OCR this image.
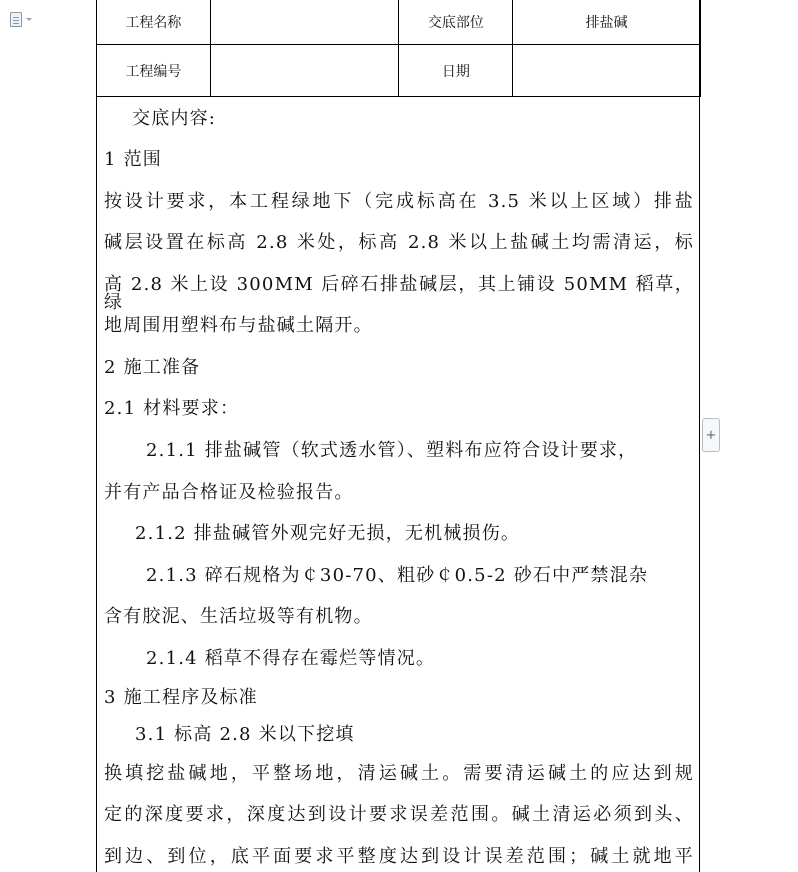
工程名称		交底部位	排盐碱
工程编号		日期	
交底内容:
1 范围
按设计要求，本工程绿地下（完成标高在 3.5 米以上区域）排盐
碱层设置在标高 2.8 米处，标高 2.8 米以上盐碱土均需清运，标
高 2.8 米上设 300MM 后碎石排盐碱层，其上铺设 50MM 稻草，绿
地周围用塑料布与盐碱土隔开。
2 施工准备
2.1 材料要求：
2.1.1 排盐碱管（软式透水管）、塑料布应符合设计要求，
并有产品合格证及检验报告。
2.1.2 排盐碱管外观完好无损，无机械损伤。
2.1.3 碎石规格为￠30-70、粗砂￠0.5-2 砂石中严禁混杂
含有胶泥、生活垃圾等有机物。
2.1.4 稻草不得存在霉烂等情况。
3 施工程序及标准
3.1 标高 2.8 米以下挖填
换填挖盐碱地，平整场地，清运碱土。需要清运碱土的应达到规
定的深度要求，深度达到设计要求误差范围。碱土清运必须到头、
到边、到位，底平面要求平整度达到设计误差范围；碱土就地平
+
